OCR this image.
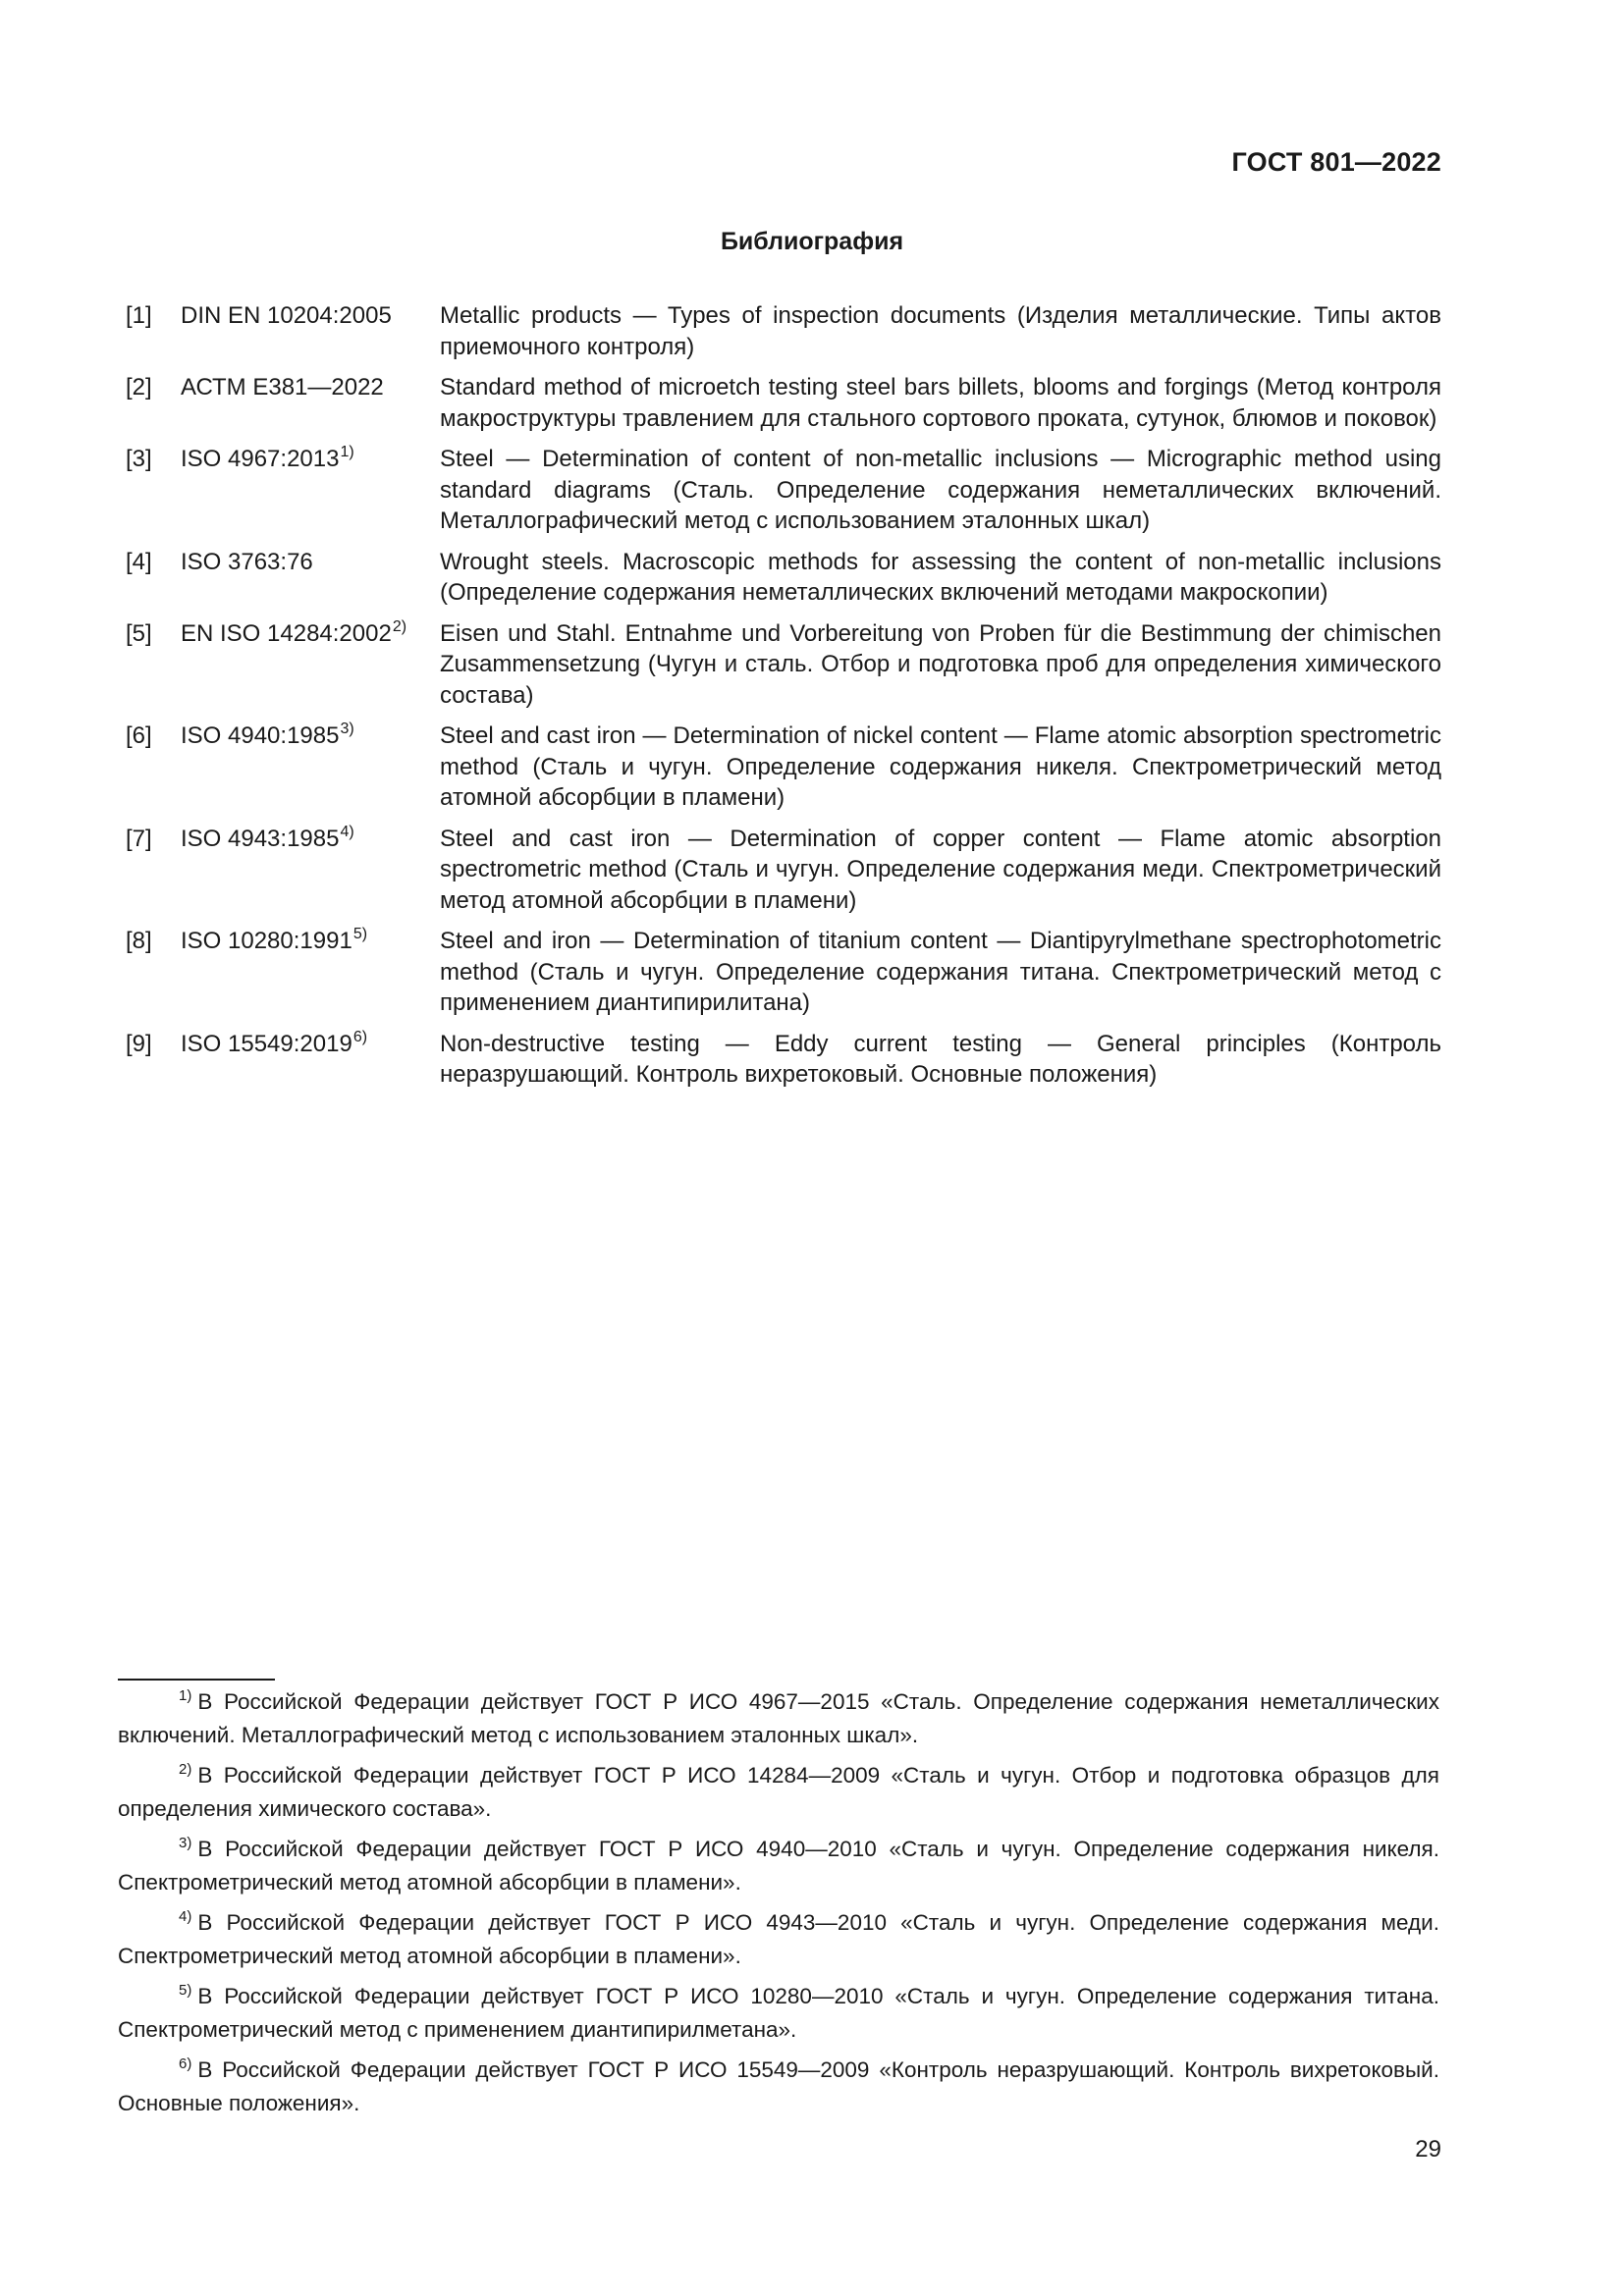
ГОСТ 801—2022
Библиография
[1]	DIN EN 10204:2005	Metallic products — Types of inspection documents (Изделия металлические. Типы актов приемочного контроля)
[2]	АСТМ E381—2022	Standard method of microetch testing steel bars billets, blooms and forgings (Метод контроля макроструктуры травлением для стального сортового проката, сутунок, блюмов и поковок)
[3]	ISO 4967:2013$^{1)}$	Steel — Determination of content of non-metallic inclusions — Micrographic method using standard diagrams (Сталь. Определение содержания неметаллических включений. Металлографический метод с использованием эталонных шкал)
[4]	ISO 3763:76	Wrought steels. Macroscopic methods for assessing the content of non-metallic inclusions (Определение содержания неметаллических включений методами макроскопии)
[5]	EN ISO 14284:2002$^{2)}$	Eisen und Stahl. Entnahme und Vorbereitung von Proben für die Bestimmung der chimischen Zusammensetzung (Чугун и сталь. Отбор и подготовка проб для определения химического состава)
[6]	ISO 4940:1985$^{3)}$	Steel and cast iron — Determination of nickel content — Flame atomic absorption spectrometric method (Сталь и чугун. Определение содержания никеля. Спектрометрический метод атомной абсорбции в пламени)
[7]	ISO 4943:1985$^{4)}$	Steel and cast iron — Determination of copper content — Flame atomic absorption spectrometric method (Сталь и чугун. Определение содержания меди. Спектрометрический метод атомной абсорбции в пламени)
[8]	ISO 10280:1991$^{5)}$	Steel and iron — Determination of titanium content — Diantipyrylmethane spectrophotometric method (Сталь и чугун. Определение содержания титана. Спектрометрический метод с применением диантипирилитана)
[9]	ISO 15549:2019$^{6)}$	Non-destructive testing — Eddy current testing — General principles (Контроль неразрушающий. Контроль вихретоковый. Основные положения)
$^{1)}$ В Российской Федерации действует ГОСТ Р ИСО 4967—2015 «Сталь. Определение содержания неметаллических включений. Металлографический метод с использованием эталонных шкал».
$^{2)}$ В Российской Федерации действует ГОСТ Р ИСО 14284—2009 «Сталь и чугун. Отбор и подготовка образцов для определения химического состава».
$^{3)}$ В Российской Федерации действует ГОСТ Р ИСО 4940—2010 «Сталь и чугун. Определение содержания никеля. Спектрометрический метод атомной абсорбции в пламени».
$^{4)}$ В Российской Федерации действует ГОСТ Р ИСО 4943—2010 «Сталь и чугун. Определение содержания меди. Спектрометрический метод атомной абсорбции в пламени».
$^{5)}$ В Российской Федерации действует ГОСТ Р ИСО 10280—2010 «Сталь и чугун. Определение содержания титана. Спектрометрический метод с применением диантипирилметана».
$^{6)}$ В Российской Федерации действует ГОСТ Р ИСО 15549—2009 «Контроль неразрушающий. Контроль вихретоковый. Основные положения».
29
